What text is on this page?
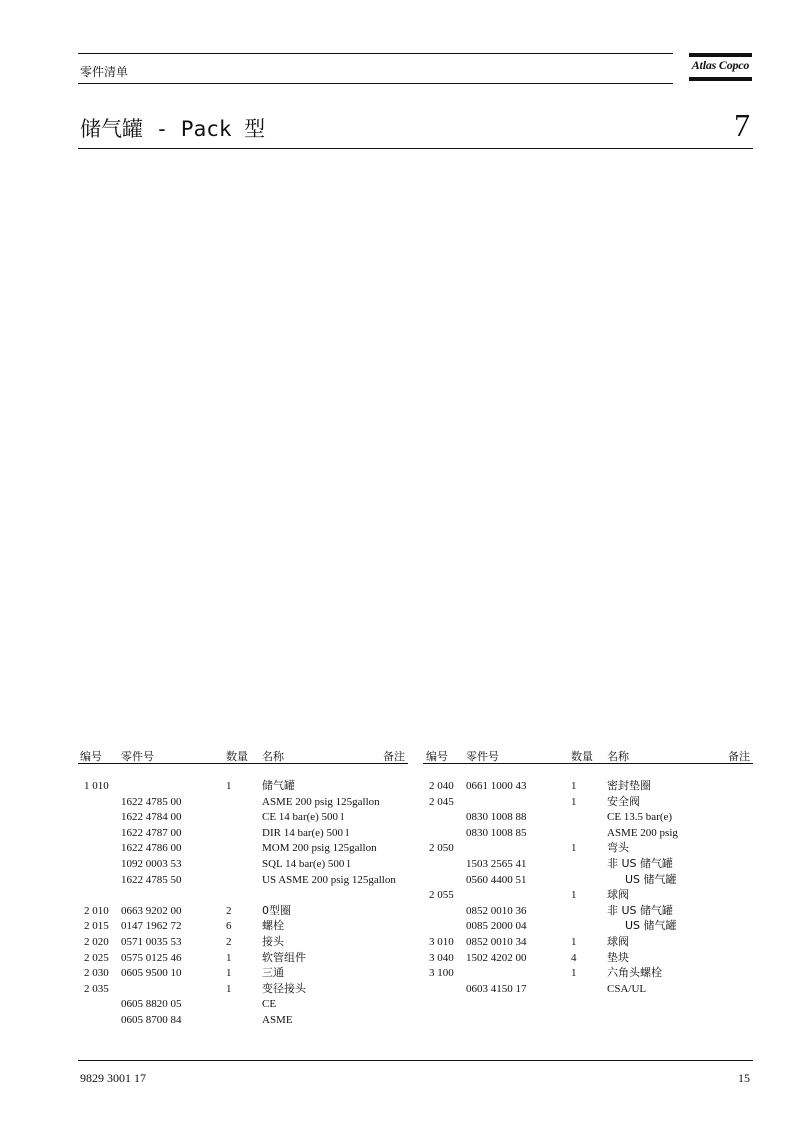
零件清单	Atlas Copco
储气罐 - Pack 型	7
编号 零件号	数量 名称	备注 编号 零件号	数量 名称	备注
1 010	1	储气罐
1622 4785 00	ASME 200 psig 125gallon
1622 4784 00	CE 14 bar(e) 500 l
1622 4787 00	DIR 14 bar(e) 500 l
1622 4786 00	MOM 200 psig 125gallon
1092 0003 53	SQL 14 bar(e) 500 l
1622 4785 50	US ASME 200 psig 125gallon
2 010 0663 9202 00	2	0型圈
2 015 0147 1962 72	6	螺栓
2 020 0571 0035 53	2	接头
2 025 0575 0125 46	1	软管组件
2 030 0605 9500 10	1	三通
2 035	1	变径接头
0605 8820 05	CE
0605 8700 84	ASME
2 040 0661 1000 43	1	密封垫圈
2 045	1	安全阀
0830 1008 88	CE 13.5 bar(e)
0830 1008 85	ASME 200 psig
2 050	1	弯头
1503 2565 41	非 US 储气罐
0560 4400 51	US 储气罐
2 055	1	球阀
0852 0010 36	非 US 储气罐
0085 2000 04	US 储气罐
3 010 0852 0010 34	1	球阀
3 040 1502 4202 00	4	垫块
3 100	1	六角头螺栓
0603 4150 17	CSA/UL
9829 3001 17	15
